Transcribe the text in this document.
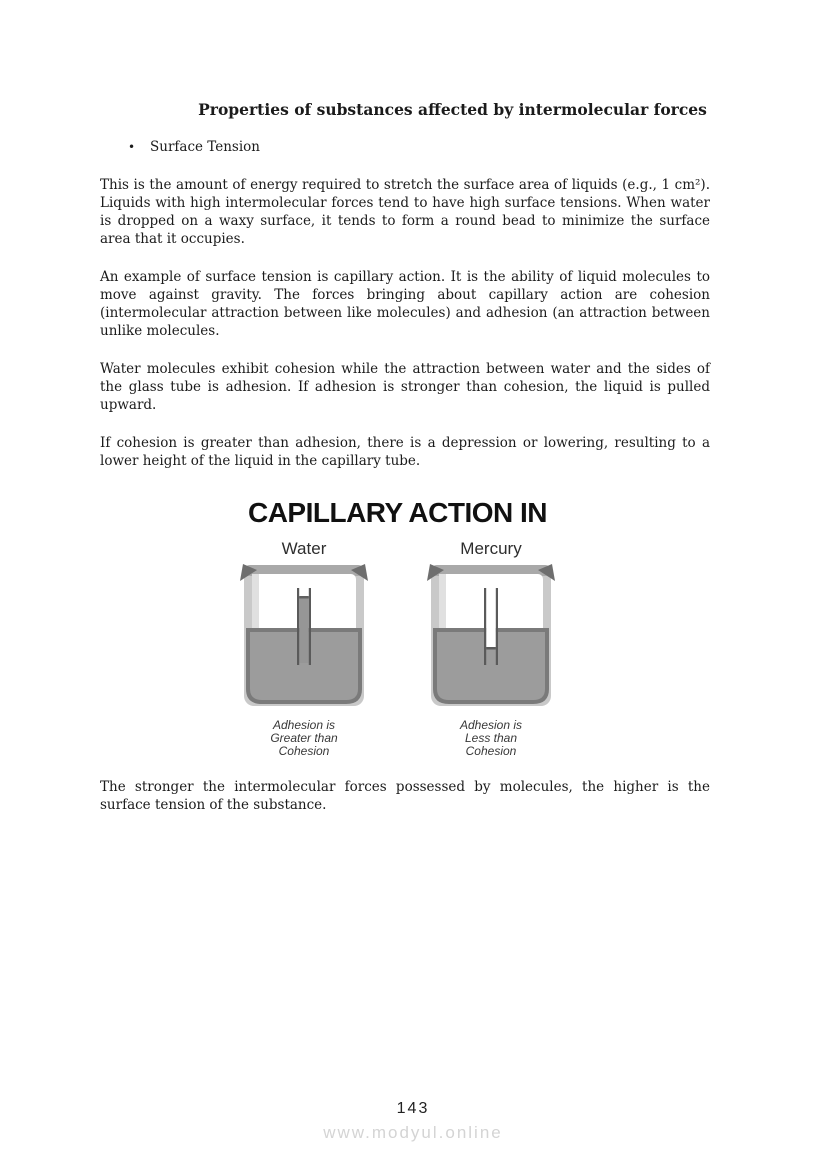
Properties of substances affected by intermolecular forces
•	Surface Tension

This is the amount of energy required to stretch the surface area of liquids (e.g., 1 cm²). Liquids with high intermolecular forces tend to have high surface tensions. When water is dropped on a waxy surface, it tends to form a round bead to minimize the surface area that it occupies.

An example of surface tension is capillary action. It is the ability of liquid molecules to move against gravity. The forces bringing about capillary action are cohesion (intermolecular attraction between like molecules) and adhesion (an attraction between unlike molecules.

Water molecules exhibit cohesion while the attraction between water and the sides of the glass tube is adhesion. If adhesion is stronger than cohesion, the liquid is pulled upward.

If cohesion is greater than adhesion, there is a depression or lowering, resulting to a lower height of the liquid in the capillary tube.

CAPILLARY ACTION IN
Water
Adhesion is
Greater than
Cohesion
Mercury
Adhesion is
Less than
Cohesion

The stronger the intermolecular forces possessed by molecules, the higher is the surface tension of the substance.

143
www.modyul.online
